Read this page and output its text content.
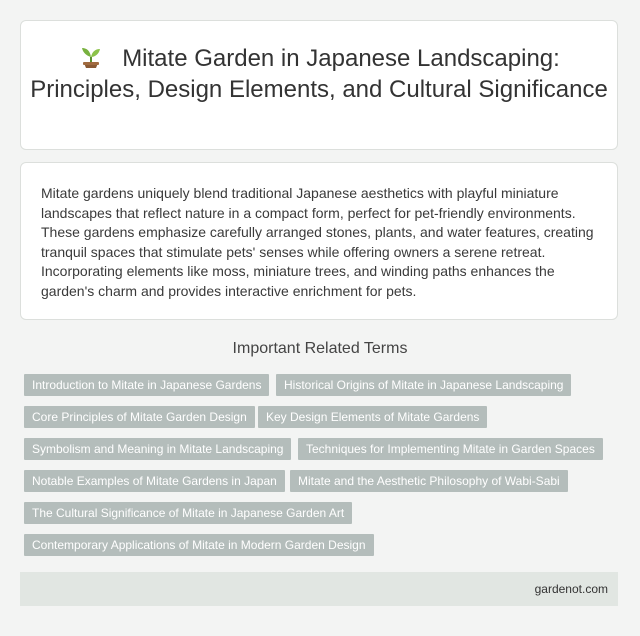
Mitate Garden in Japanese Landscaping: Principles, Design Elements, and Cultural Significance

Mitate gardens uniquely blend traditional Japanese aesthetics with playful miniature landscapes that reflect nature in a compact form, perfect for pet-friendly environments. These gardens emphasize carefully arranged stones, plants, and water features, creating tranquil spaces that stimulate pets' senses while offering owners a serene retreat. Incorporating elements like moss, miniature trees, and winding paths enhances the garden's charm and provides interactive enrichment for pets.

Important Related Terms
Introduction to Mitate in Japanese Gardens	Historical Origins of Mitate in Japanese Landscaping
Core Principles of Mitate Garden Design	Key Design Elements of Mitate Gardens
Symbolism and Meaning in Mitate Landscaping	Techniques for Implementing Mitate in Garden Spaces
Notable Examples of Mitate Gardens in Japan	Mitate and the Aesthetic Philosophy of Wabi-Sabi
The Cultural Significance of Mitate in Japanese Garden Art
Contemporary Applications of Mitate in Modern Garden Design
gardenot.com
